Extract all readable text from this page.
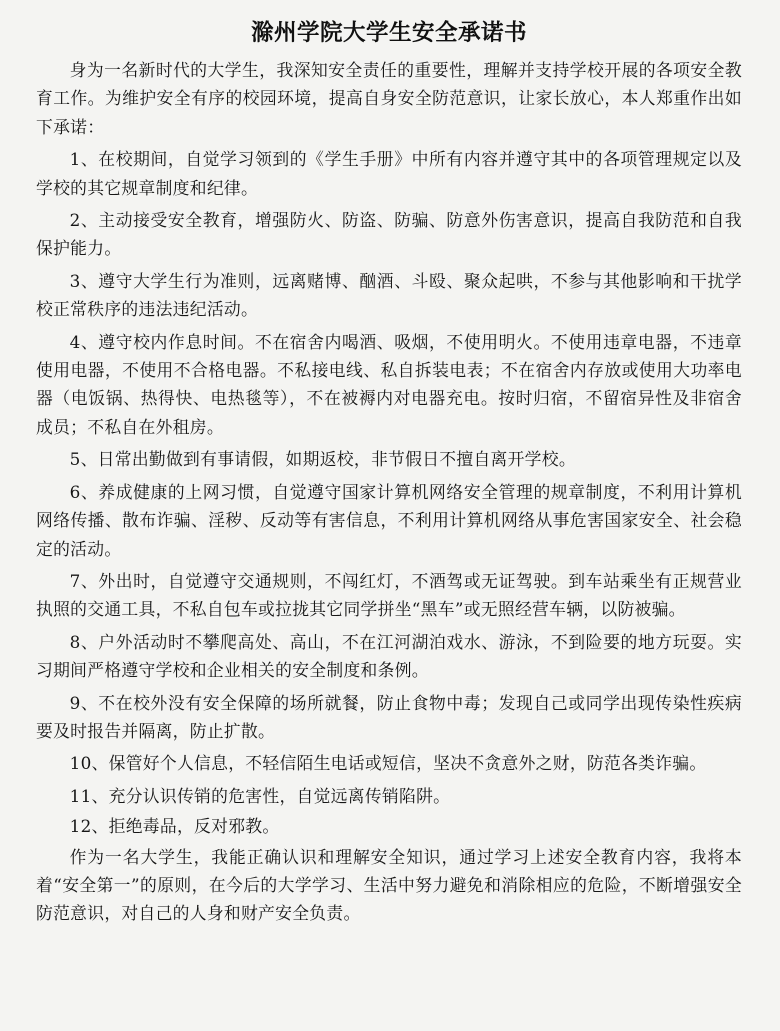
滁州学院大学生安全承诺书

身为一名新时代的大学生，我深知安全责任的重要性，理解并支持学校开展的各项安全教育工作。为维护安全有序的校园环境，提高自身安全防范意识，让家长放心，本人郑重作出如下承诺：

1、在校期间，自觉学习领到的《学生手册》中所有内容并遵守其中的各项管理规定以及学校的其它规章制度和纪律。

2、主动接受安全教育，增强防火、防盗、防骗、防意外伤害意识，提高自我防范和自我保护能力。

3、遵守大学生行为准则，远离赌博、酗酒、斗殴、聚众起哄，不参与其他影响和干扰学校正常秩序的违法违纪活动。

4、遵守校内作息时间。不在宿舍内喝酒、吸烟，不使用明火。不使用违章电器，不违章使用电器，不使用不合格电器。不私接电线、私自拆装电表；不在宿舍内存放或使用大功率电器（电饭锅、热得快、电热毯等），不在被褥内对电器充电。按时归宿，不留宿异性及非宿舍成员；不私自在外租房。

5、日常出勤做到有事请假，如期返校，非节假日不擅自离开学校。

6、养成健康的上网习惯，自觉遵守国家计算机网络安全管理的规章制度，不利用计算机网络传播、散布诈骗、淫秽、反动等有害信息，不利用计算机网络从事危害国家安全、社会稳定的活动。

7、外出时，自觉遵守交通规则，不闯红灯，不酒驾或无证驾驶。到车站乘坐有正规营业执照的交通工具，不私自包车或拉拢其它同学拼坐“黑车”或无照经营车辆，以防被骗。

8、户外活动时不攀爬高处、高山，不在江河湖泊戏水、游泳，不到险要的地方玩耍。实习期间严格遵守学校和企业相关的安全制度和条例。

9、不在校外没有安全保障的场所就餐，防止食物中毒；发现自己或同学出现传染性疾病要及时报告并隔离，防止扩散。

10、保管好个人信息，不轻信陌生电话或短信，坚决不贪意外之财，防范各类诈骗。

11、充分认识传销的危害性，自觉远离传销陷阱。

12、拒绝毒品，反对邪教。

作为一名大学生，我能正确认识和理解安全知识，通过学习上述安全教育内容，我将本着“安全第一”的原则，在今后的大学学习、生活中努力避免和消除相应的危险，不断增强安全防范意识，对自己的人身和财产安全负责。
